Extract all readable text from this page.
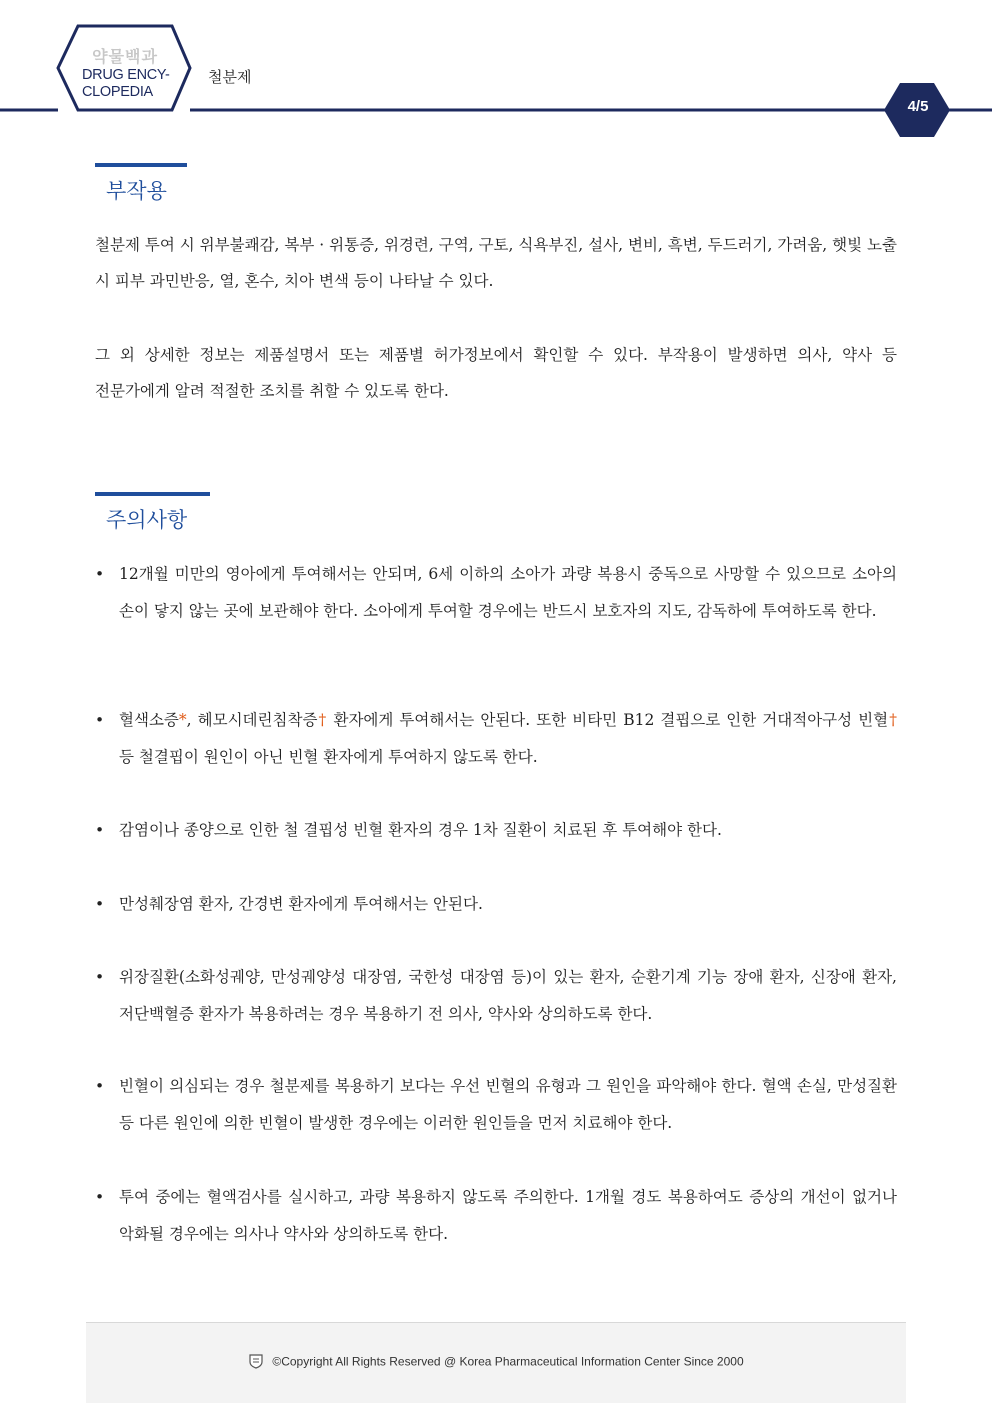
약물백과
DRUG ENCY-
CLOPEDIA
철분제
4/5
부작용
철분제 투여 시 위부불쾌감, 복부 · 위통증, 위경련, 구역, 구토, 식욕부진, 설사, 변비, 흑변, 두드러기, 가려움, 햇빛 노출 시 피부 과민반응, 열, 혼수, 치아 변색 등이 나타날 수 있다.
그 외 상세한 정보는 제품설명서 또는 제품별 허가정보에서 확인할 수 있다. 부작용이 발생하면 의사, 약사 등 전문가에게 알려 적절한 조치를 취할 수 있도록 한다.
주의사항
• 12개월 미만의 영아에게 투여해서는 안되며, 6세 이하의 소아가 과량 복용시 중독으로 사망할 수 있으므로 소아의 손이 닿지 않는 곳에 보관해야 한다. 소아에게 투여할 경우에는 반드시 보호자의 지도, 감독하에 투여하도록 한다.
• 혈색소증*, 헤모시데린침착증† 환자에게 투여해서는 안된다. 또한 비타민 B12 결핍으로 인한 거대적아구성 빈혈† 등 철결핍이 원인이 아닌 빈혈 환자에게 투여하지 않도록 한다.
• 감염이나 종양으로 인한 철 결핍성 빈혈 환자의 경우 1차 질환이 치료된 후 투여해야 한다.
• 만성췌장염 환자, 간경변 환자에게 투여해서는 안된다.
• 위장질환(소화성궤양, 만성궤양성 대장염, 국한성 대장염 등)이 있는 환자, 순환기계 기능 장애 환자, 신장애 환자, 저단백혈증 환자가 복용하려는 경우 복용하기 전 의사, 약사와 상의하도록 한다.
• 빈혈이 의심되는 경우 철분제를 복용하기 보다는 우선 빈혈의 유형과 그 원인을 파악해야 한다. 혈액 손실, 만성질환 등 다른 원인에 의한 빈혈이 발생한 경우에는 이러한 원인들을 먼저 치료해야 한다.
• 투여 중에는 혈액검사를 실시하고, 과량 복용하지 않도록 주의한다. 1개월 경도 복용하여도 증상의 개선이 없거나 악화될 경우에는 의사나 약사와 상의하도록 한다.
©Copyright All Rights Reserved @ Korea Pharmaceutical Information Center Since 2000
